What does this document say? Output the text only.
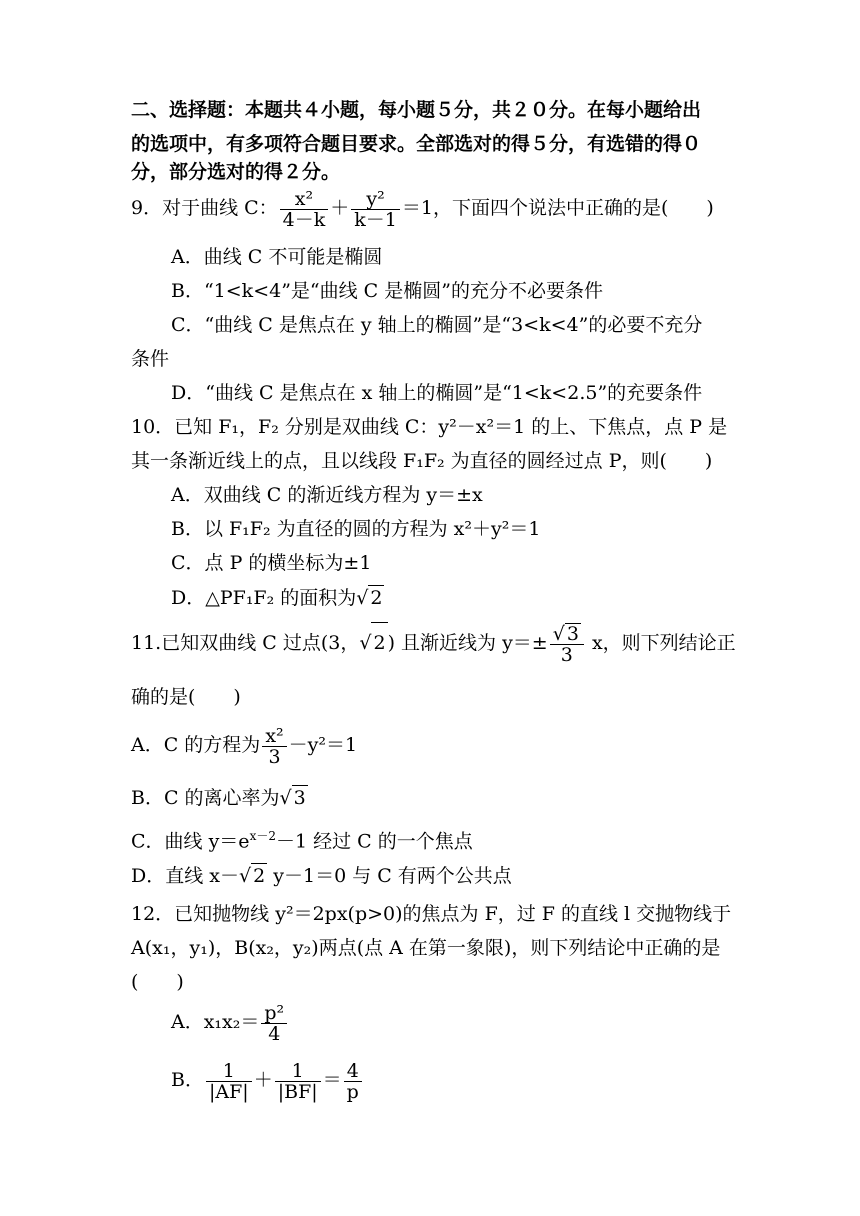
二、选择题：本题共４小题，每小题５分，共２０分。在每小题给出
的选项中，有多项符合题目要求。全部选对的得５分，有选错的得０
分，部分选对的得２分。
9．对于曲线 C： $\frac{\text{x²}}{4-k} + \frac{\text{y²}}{k-1} =1$，下面四个说法中正确的是(　　)
A．曲线 C 不可能是椭圆
B．“1<k<4”是“曲线 C 是椭圆”的充分不必要条件
C．“曲线 C 是焦点在 y 轴上的椭圆”是“3<k<4”的必要不充分
条件
D．“曲线 C 是焦点在 x 轴上的椭圆”是“1<k<2.5”的充要条件
10．已知 F₁，F₂ 分别是双曲线 C：y²－x²＝1 的上、下焦点，点 P 是
其一条渐近线上的点，且以线段 F₁F₂ 为直径的圆经过点 P，则(　　)
A．双曲线 C 的渐近线方程为 y＝±x
B．以 F₁F₂ 为直径的圆的方程为 x²＋y²＝1
C．点 P 的横坐标为±1
D．△PF₁F₂ 的面积为√ 2
11.已知双曲线 C 过点(3，√ 2 ) 且渐近线为 $y=\pm \frac{√ 3}{3}$ x，则下列结论正
确的是(　　)
A．C 的方程为 $\frac{\text{x²}}{3} -y^2=1$
B．C 的离心率为√ 3
C．曲线 $y=e^{x-2}-1$ 经过 C 的一个焦点
D．直线 x－√ 2 y－1＝0 与 C 有两个公共点
12．已知抛物线 y²＝2px(p>0)的焦点为 F，过 F 的直线 l 交抛物线于
A(x₁，y₁)，B(x₂，y₂)两点(点 A 在第一象限)，则下列结论中正确的是
(　　)
A．$x_1x_2= \frac{\text{p²}}{4}$
B． $\frac{1}{|AF|} + \frac{1}{|BF|} = \frac{4}{p}$
